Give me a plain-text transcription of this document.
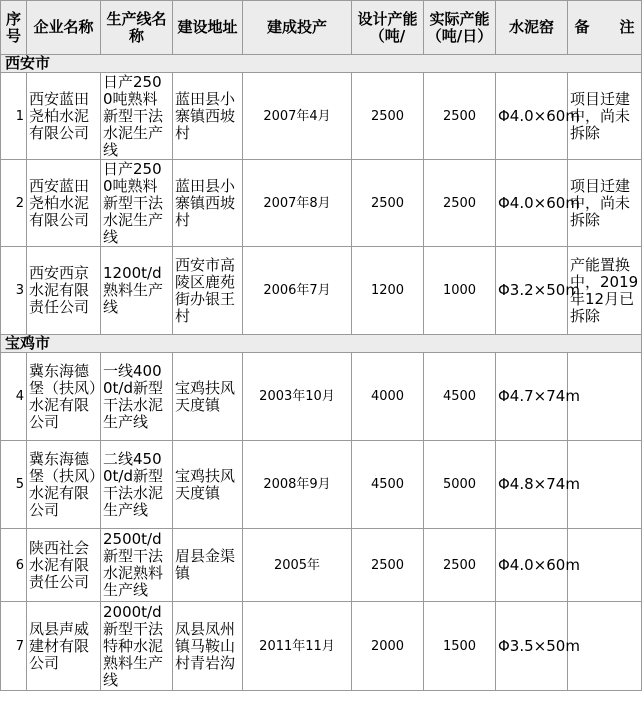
序号	企业名称	生产线名称	建设地址	建成投产	设计产能（吨/	实际产能（吨/日）	水泥窑	备　　注
西安市								
1	西安蓝田尧柏水泥有限公司	日产2500吨熟料新型干法水泥生产线	蓝田县小寨镇西坡村	2007年4月	2500	2500	Φ4.0×60m	项目迁建中，尚未拆除
2	西安蓝田尧柏水泥有限公司	日产2500吨熟料新型干法水泥生产线	蓝田县小寨镇西坡村	2007年8月	2500	2500	Φ4.0×60m	项目迁建中，尚未拆除
3	西安西京水泥有限责任公司	1200t/d熟料生产线	西安市高陵区鹿苑街办银王村	2006年7月	1200	1000	Φ3.2×50m	产能置换中，2019年12月已拆除
宝鸡市								
4	冀东海德堡（扶风）水泥有限公司	一线4000t/d新型干法水泥生产线	宝鸡扶风天度镇	2003年10月	4000	4500	Φ4.7×74m	
5	冀东海德堡（扶风）水泥有限公司	二线4500t/d新型干法水泥生产线	宝鸡扶风天度镇	2008年9月	4500	5000	Φ4.8×74m	
6	陕西社会水泥有限责任公司	2500t/d新型干法水泥熟料生产线	眉县金渠镇	2005年	2500	2500	Φ4.0×60m	
7	凤县声威建材有限公司	2000t/d新型干法特种水泥熟料生产线	凤县凤州镇马鞍山村青岩沟	2011年11月	2000	1500	Φ3.5×50m	
